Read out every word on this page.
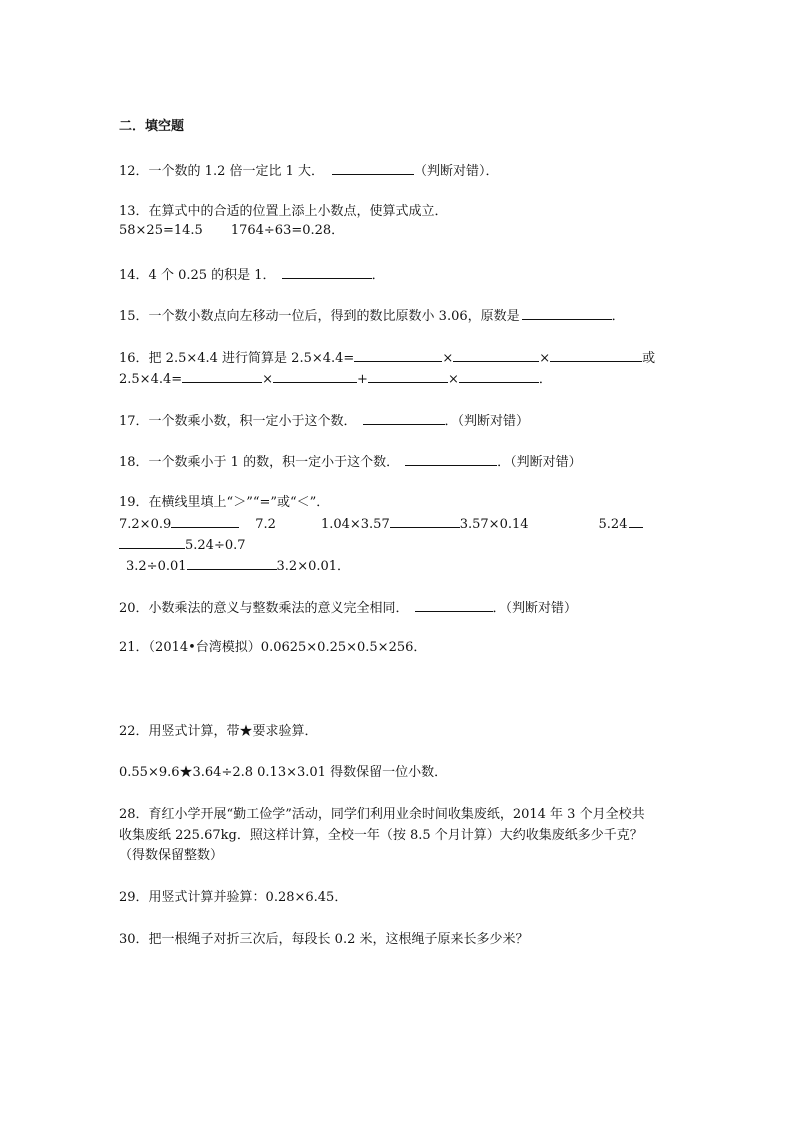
二．填空题
12．一个数的 1.2 倍一定比 1 大．	（判断对错）．
13．在算式中的合适的位置上添上小数点，使算式成立．
58×25=14.5 1764÷63=0.28．
14．4 个 0.25 的积是 1．	．
15．一个数小数点向左移动一位后，得到的数比原数小 3.06，原数是	．
16．把 2.5×4.4 进行简算是 2.5×4.4=	×	×	或
2.5×4.4=	×	+	×	．
17．一个数乘小数，积一定小于这个数．	．（判断对错）
18．一个数乘小于 1 的数，积一定小于这个数．	．（判断对错）
19．在横线里填上“＞”“=”或“＜”．
7.2×0.9	7.2	1.04×3.57	3.57×0.14	5.24
5.24÷0.7
3.2÷0.01	3.2×0.01．
20．小数乘法的意义与整数乘法的意义完全相同．	．（判断对错）
21．（2014•台湾模拟）0.0625×0.25×0.5×256．
22．用竖式计算，带★要求验算．
0.55×9.6★3.64÷2.8 0.13×3.01 得数保留一位小数．
28．育红小学开展“勤工俭学”活动，同学们利用业余时间收集废纸，2014 年 3 个月全校共
收集废纸 225.67kg．照这样计算，全校一年（按 8.5 个月计算）大约收集废纸多少千克？
（得数保留整数）
29．用竖式计算并验算：0.28×6.45．
30．把一根绳子对折三次后，每段长 0.2 米，这根绳子原来长多少米？
